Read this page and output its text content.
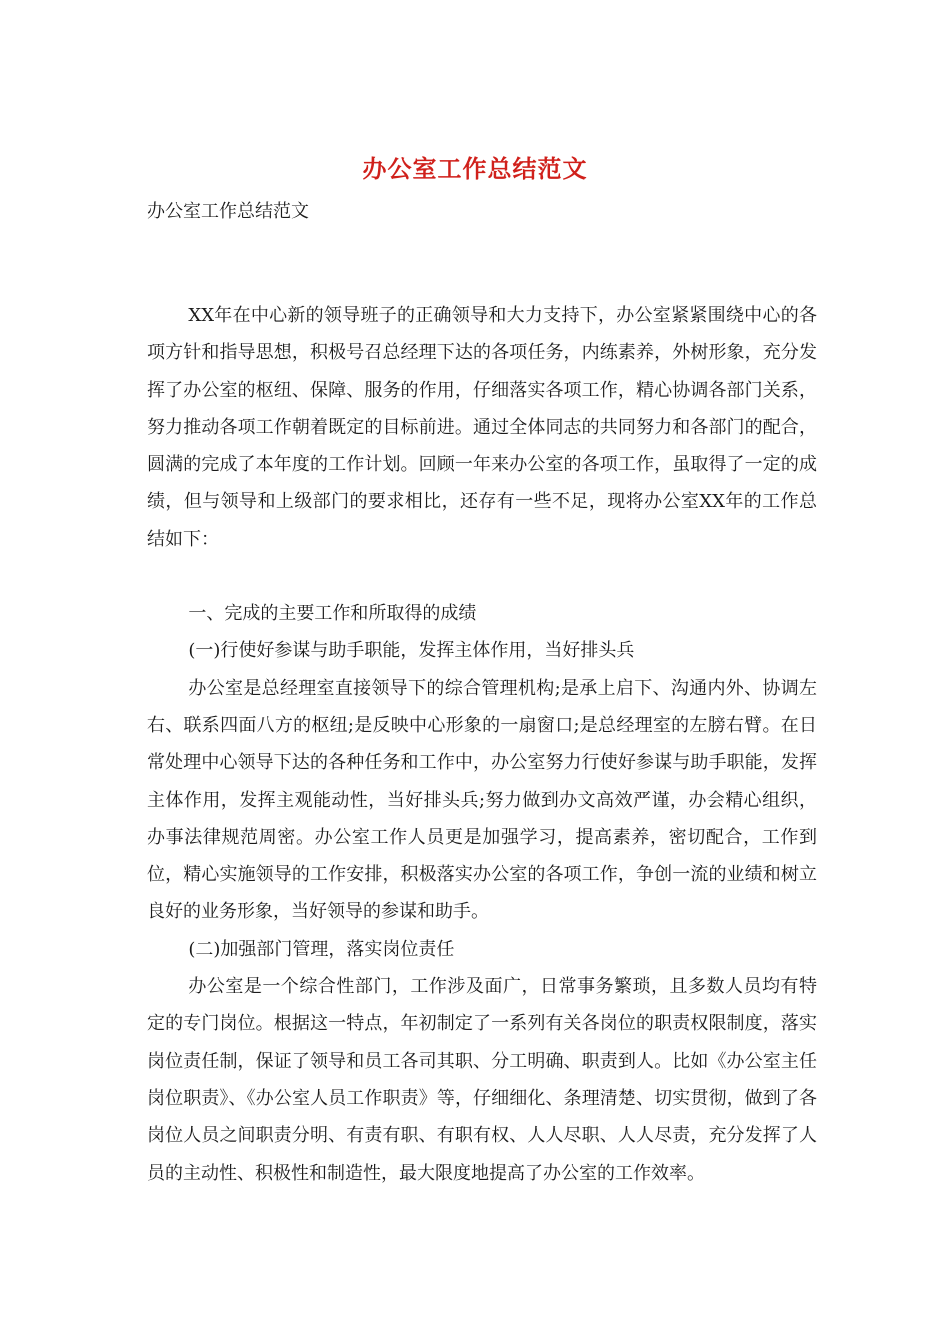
办公室工作总结范文
办公室工作总结范文

XX年在中心新的领导班子的正确领导和大力支持下，办公室紧紧围绕中心的各项方针和指导思想，积极号召总经理下达的各项任务，内练素养，外树形象，充分发挥了办公室的枢纽、保障、服务的作用，仔细落实各项工作，精心协调各部门关系，努力推动各项工作朝着既定的目标前进。通过全体同志的共同努力和各部门的配合，圆满的完成了本年度的工作计划。回顾一年来办公室的各项工作，虽取得了一定的成绩，但与领导和上级部门的要求相比，还存有一些不足，现将办公室XX年的工作总结如下：

一、完成的主要工作和所取得的成绩

(一)行使好参谋与助手职能，发挥主体作用，当好排头兵

办公室是总经理室直接领导下的综合管理机构;是承上启下、沟通内外、协调左右、联系四面八方的枢纽;是反映中心形象的一扇窗口;是总经理室的左膀右臂。在日常处理中心领导下达的各种任务和工作中，办公室努力行使好参谋与助手职能，发挥主体作用，发挥主观能动性，当好排头兵;努力做到办文高效严谨，办会精心组织，办事法律规范周密。办公室工作人员更是加强学习，提高素养，密切配合，工作到位，精心实施领导的工作安排，积极落实办公室的各项工作，争创一流的业绩和树立良好的业务形象，当好领导的参谋和助手。

(二)加强部门管理，落实岗位责任

办公室是一个综合性部门，工作涉及面广，日常事务繁琐，且多数人员均有特定的专门岗位。根据这一特点，年初制定了一系列有关各岗位的职责权限制度，落实岗位责任制，保证了领导和员工各司其职、分工明确、职责到人。比如《办公室主任岗位职责》、《办公室人员工作职责》等，仔细细化、条理清楚、切实贯彻，做到了各岗位人员之间职责分明、有责有职、有职有权、人人尽职、人人尽责，充分发挥了人员的主动性、积极性和制造性，最大限度地提高了办公室的工作效率。
